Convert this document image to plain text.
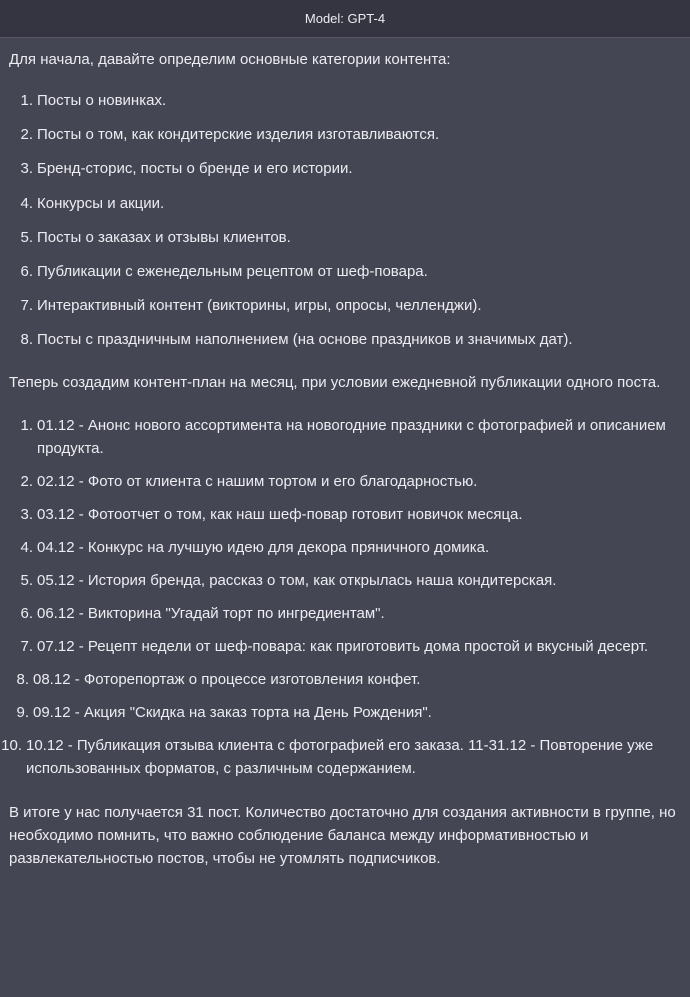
Model: GPT-4

Для начала, давайте определим основные категории контента:

1. Посты о новинках.
2. Посты о том, как кондитерские изделия изготавливаются.
3. Бренд-сторис, посты о бренде и его истории.
4. Конкурсы и акции.
5. Посты о заказах и отзывы клиентов.
6. Публикации с еженедельным рецептом от шеф-повара.
7. Интерактивный контент (викторины, игры, опросы, челленджи).
8. Посты с праздничным наполнением (на основе праздников и значимых дат).

Теперь создадим контент-план на месяц, при условии ежедневной публикации одного поста.

1. 01.12 - Анонс нового ассортимента на новогодние праздники с фотографией и описанием продукта.
2. 02.12 - Фото от клиента с нашим тортом и его благодарностью.
3. 03.12 - Фотоотчет о том, как наш шеф-повар готовит новичок месяца.
4. 04.12 - Конкурс на лучшую идею для декора пряничного домика.
5. 05.12 - История бренда, рассказ о том, как открылась наша кондитерская.
6. 06.12 - Викторина "Угадай торт по ингредиентам".
7. 07.12 - Рецепт недели от шеф-повара: как приготовить дома простой и вкусный десерт.
8. 08.12 - Фоторепортаж о процессе изготовления конфет.
9. 09.12 - Акция "Скидка на заказ торта на День Рождения".
10. 10.12 - Публикация отзыва клиента с фотографией его заказа. 11-31.12 - Повторение уже использованных форматов, с различным содержанием.

В итоге у нас получается 31 пост. Количество достаточно для создания активности в группе, но необходимо помнить, что важно соблюдение баланса между информативностью и развлекательностью постов, чтобы не утомлять подписчиков.
